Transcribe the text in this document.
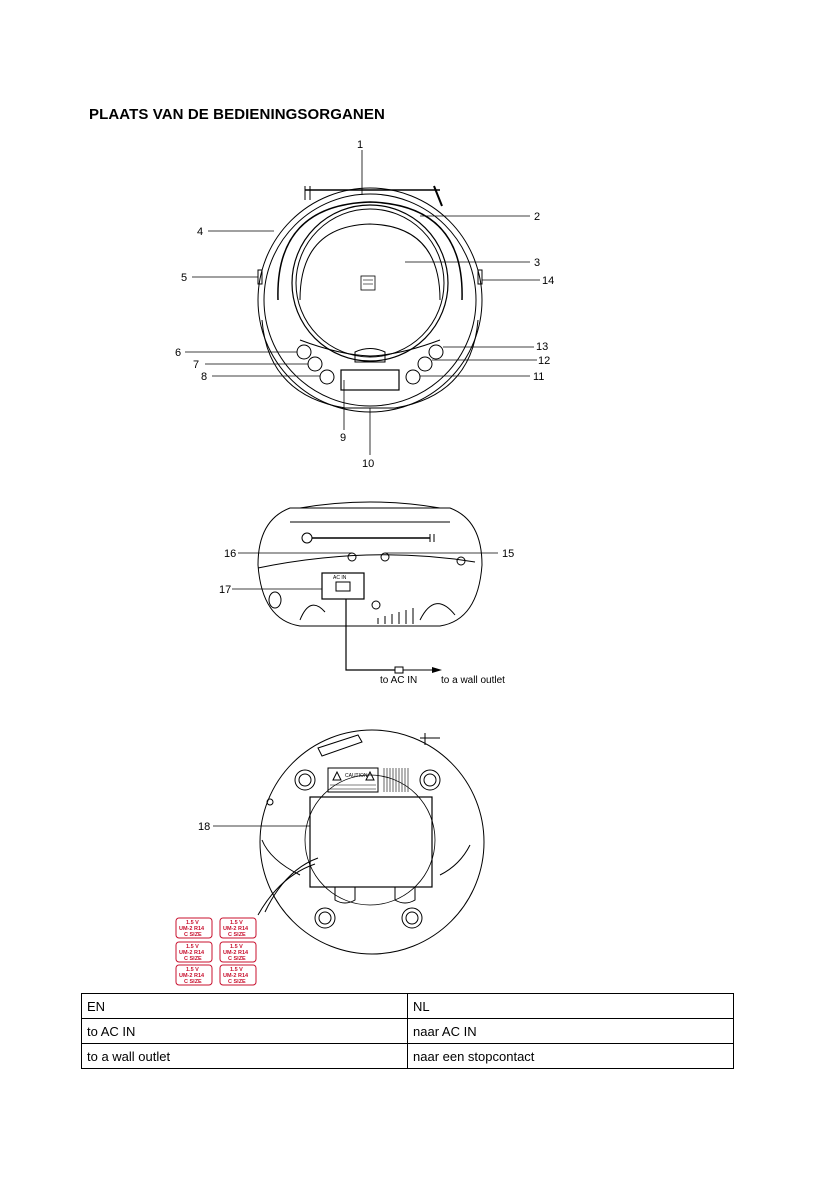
PLAATS VAN DE BEDIENINGSORGANEN
1
2
3
4
5
6
7
8
9
10
11
12
13
14
AC IN
15
16
17
to AC IN to a wall outlet
CAUTION
18
1.5 V
UM-2 R14
C SIZE
1.5 V
UM-2 R14
C SIZE
1.5 V
UM-2 R14
C SIZE
1.5 V
UM-2 R14
C SIZE
1.5 V
UM-2 R14
C SIZE
1.5 V
UM-2 R14
C SIZE
EN	NL
to AC IN	naar AC IN
to a wall outlet	naar een stopcontact
